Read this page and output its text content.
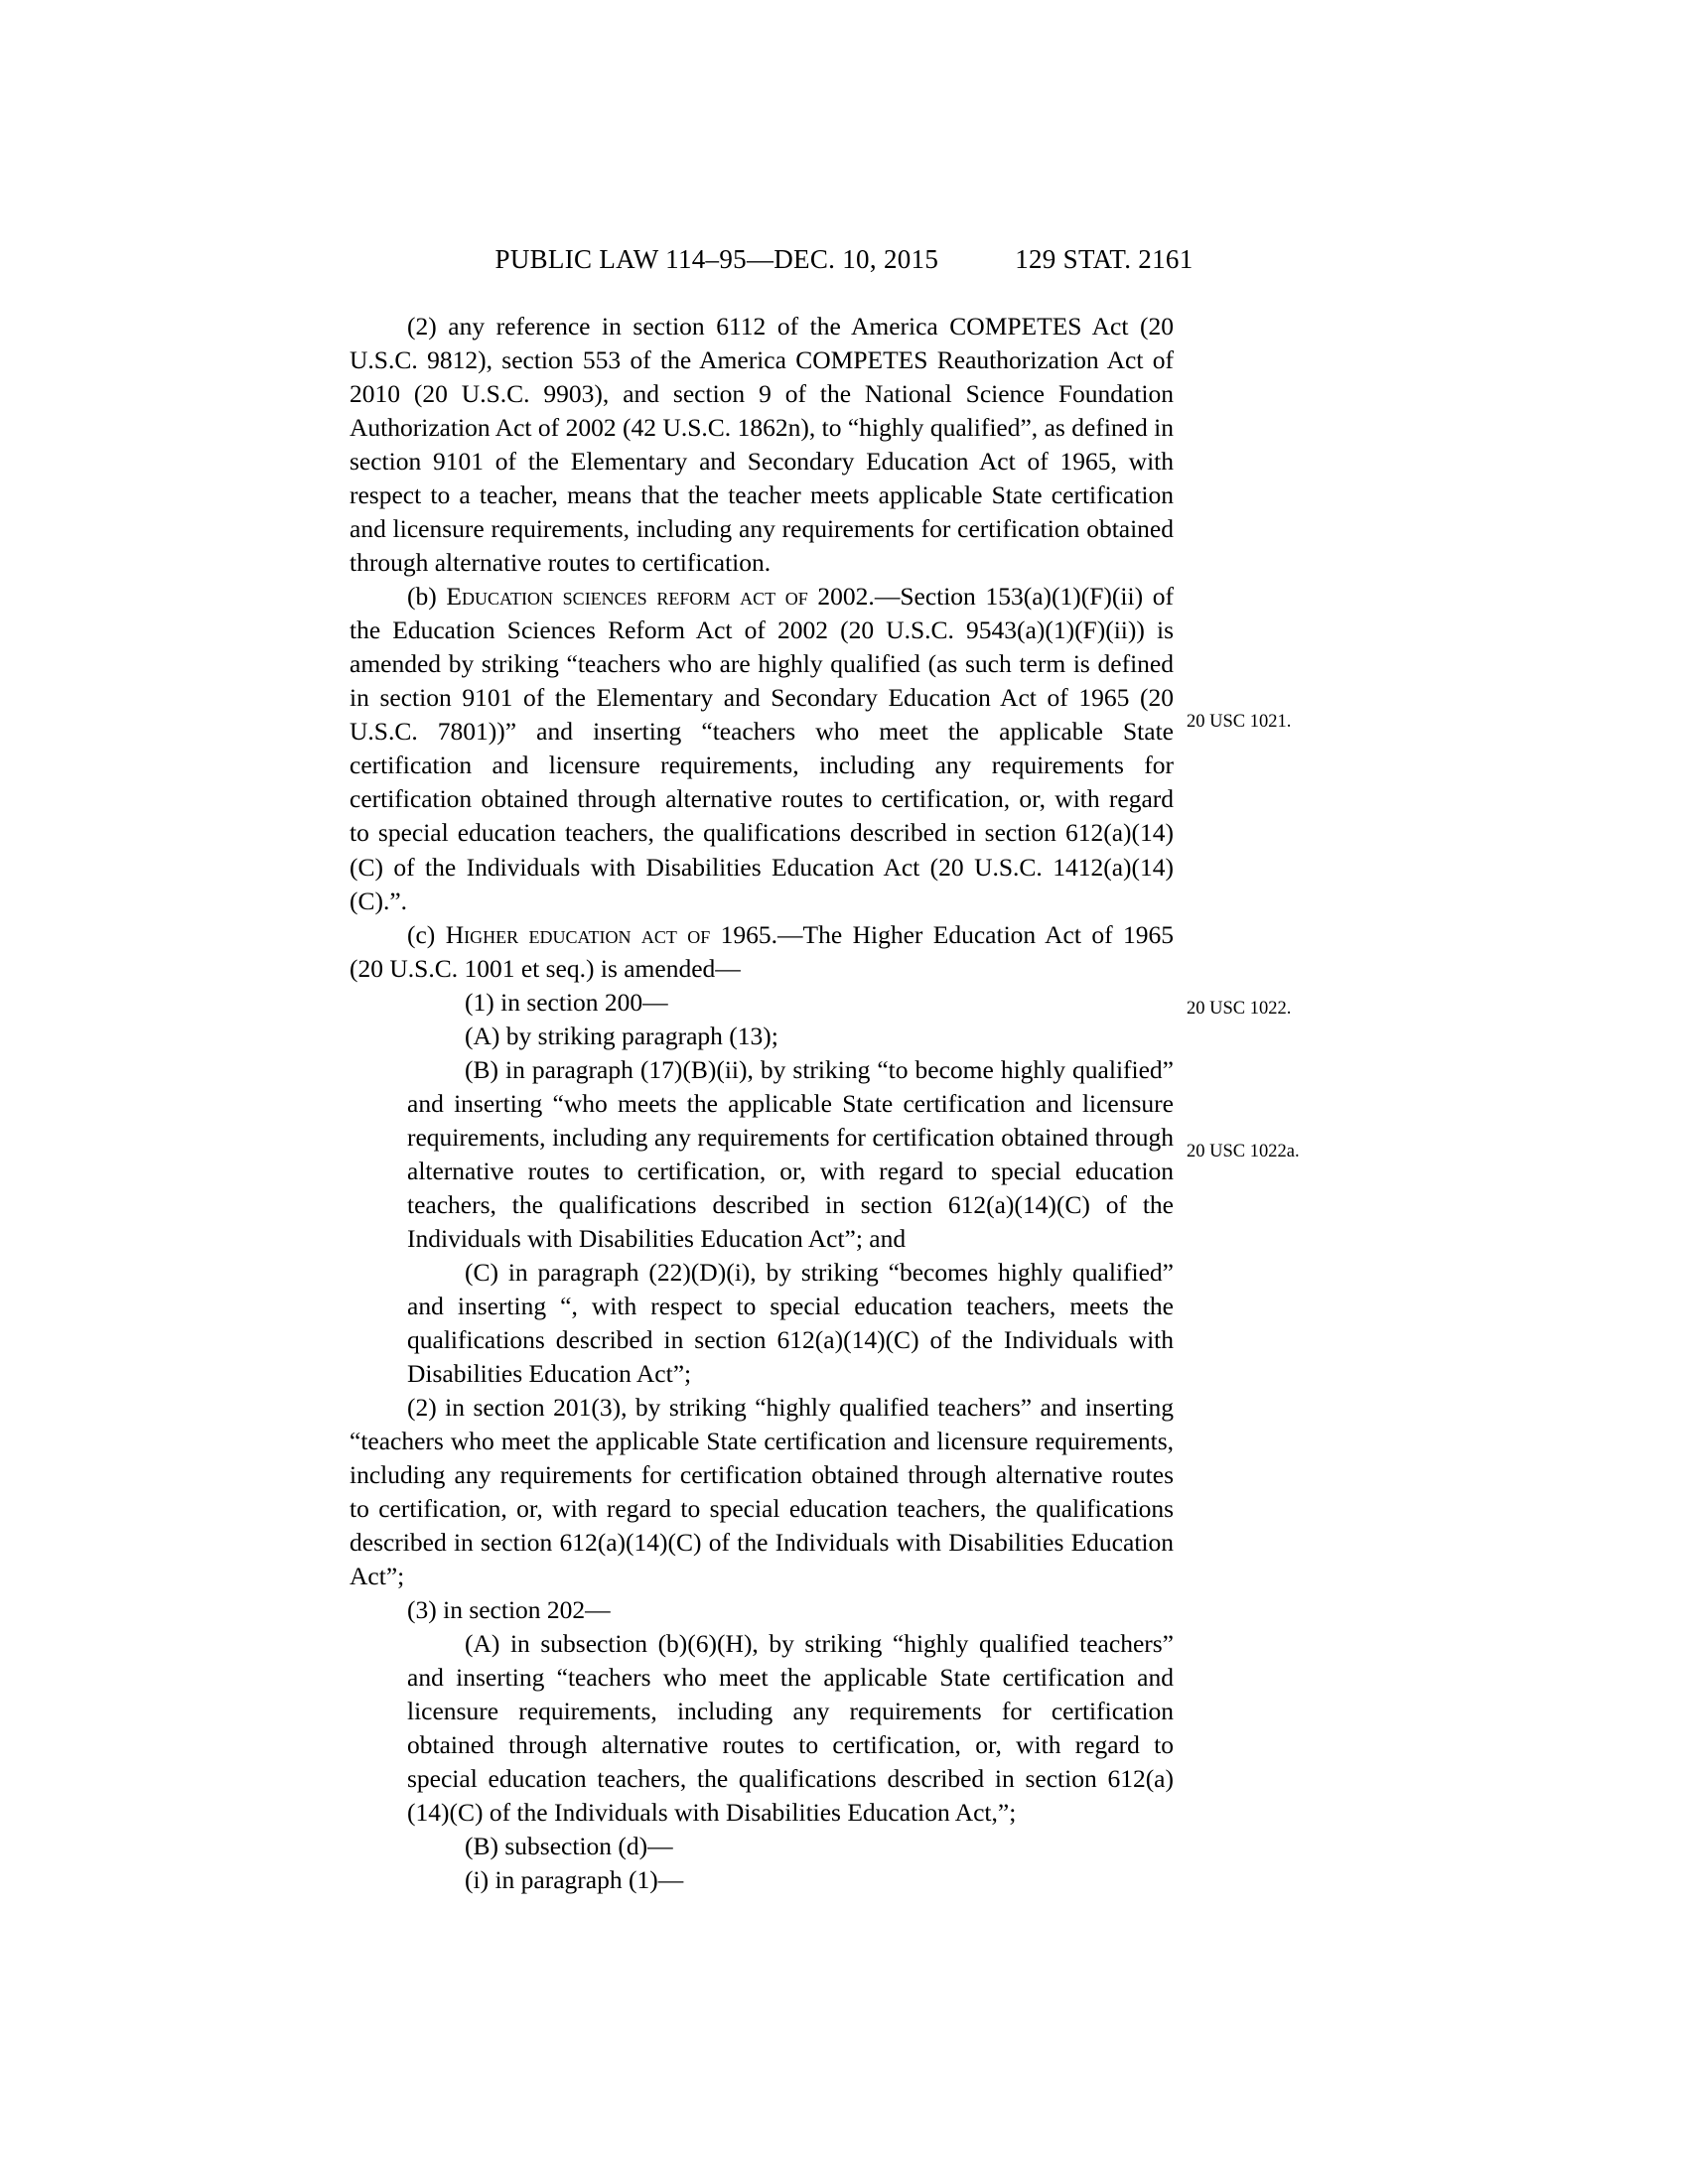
PUBLIC LAW 114–95—DEC. 10, 2015	129 STAT. 2161

(2) any reference in section 6112 of the America COMPETES Act (20 U.S.C. 9812), section 553 of the America COMPETES Reauthorization Act of 2010 (20 U.S.C. 9903), and section 9 of the National Science Foundation Authorization Act of 2002 (42 U.S.C. 1862n), to “highly qualified”, as defined in section 9101 of the Elementary and Secondary Education Act of 1965, with respect to a teacher, means that the teacher meets applicable State certification and licensure requirements, including any requirements for certification obtained through alternative routes to certification.

(b) Education sciences reform act of 2002.—Section 153(a)(1)(F)(ii) of the Education Sciences Reform Act of 2002 (20 U.S.C. 9543(a)(1)(F)(ii)) is amended by striking “teachers who are highly qualified (as such term is defined in section 9101 of the Elementary and Secondary Education Act of 1965 (20 U.S.C. 7801))” and inserting “teachers who meet the applicable State certification and licensure requirements, including any requirements for certification obtained through alternative routes to certification, or, with regard to special education teachers, the qualifications described in section 612(a)(14)(C) of the Individuals with Disabilities Education Act (20 U.S.C. 1412(a)(14)(C).”.

(c) Higher education act of 1965.—The Higher Education Act of 1965 (20 U.S.C. 1001 et seq.) is amended—

(1) in section 200—

(A) by striking paragraph (13);

(B) in paragraph (17)(B)(ii), by striking “to become highly qualified” and inserting “who meets the applicable State certification and licensure requirements, including any requirements for certification obtained through alternative routes to certification, or, with regard to special education teachers, the qualifications described in section 612(a)(14)(C) of the Individuals with Disabilities Education Act”; and

(C) in paragraph (22)(D)(i), by striking “becomes highly qualified” and inserting “, with respect to special education teachers, meets the qualifications described in section 612(a)(14)(C) of the Individuals with Disabilities Education Act”;

(2) in section 201(3), by striking “highly qualified teachers” and inserting “teachers who meet the applicable State certification and licensure requirements, including any requirements for certification obtained through alternative routes to certification, or, with regard to special education teachers, the qualifications described in section 612(a)(14)(C) of the Individuals with Disabilities Education Act”;

(3) in section 202—

(A) in subsection (b)(6)(H), by striking “highly qualified teachers” and inserting “teachers who meet the applicable State certification and licensure requirements, including any requirements for certification obtained through alternative routes to certification, or, with regard to special education teachers, the qualifications described in section 612(a)(14)(C) of the Individuals with Disabilities Education Act,”;

(B) subsection (d)—

(i) in paragraph (1)—

20 USC 1021.
20 USC 1022.
20 USC 1022a.
